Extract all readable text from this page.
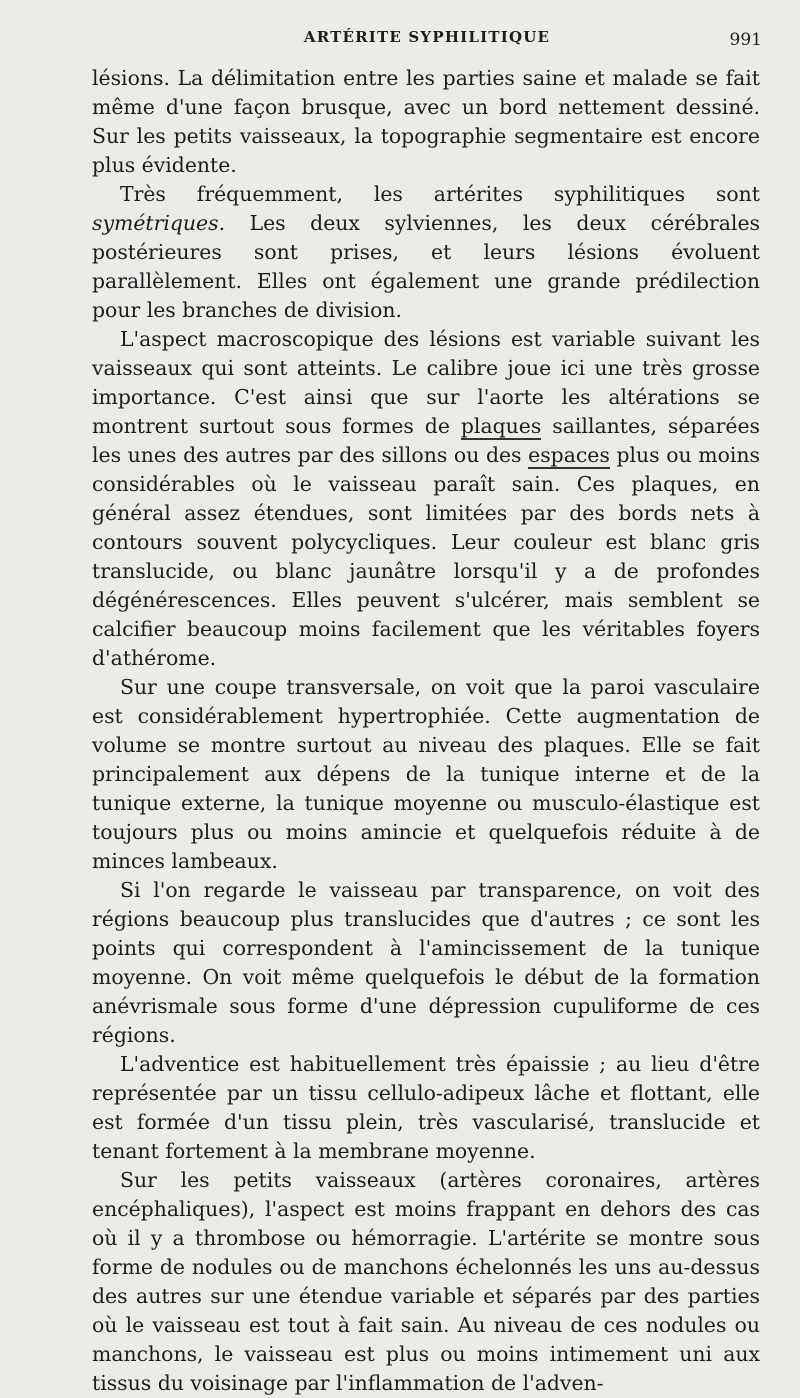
ARTÉRITE SYPHILITIQUE	991

lésions. La délimitation entre les parties saine et malade se fait même d'une façon brusque, avec un bord nettement dessiné. Sur les petits vaisseaux, la topographie segmentaire est encore plus évidente.

Très fréquemment, les artérites syphilitiques sont symétriques. Les deux sylviennes, les deux cérébrales postérieures sont prises, et leurs lésions évoluent parallèlement. Elles ont également une grande prédilection pour les branches de division.

L'aspect macroscopique des lésions est variable suivant les vaisseaux qui sont atteints. Le calibre joue ici une très grosse importance. C'est ainsi que sur l'aorte les altérations se montrent surtout sous formes de plaques saillantes, séparées les unes des autres par des sillons ou des espaces plus ou moins considérables où le vaisseau paraît sain. Ces plaques, en général assez étendues, sont limitées par des bords nets à contours souvent polycycliques. Leur couleur est blanc gris translucide, ou blanc jaunâtre lorsqu'il y a de profondes dégénérescences. Elles peuvent s'ulcérer, mais semblent se calcifier beaucoup moins facilement que les véritables foyers d'athérome.

Sur une coupe transversale, on voit que la paroi vasculaire est considérablement hypertrophiée. Cette augmentation de volume se montre surtout au niveau des plaques. Elle se fait principalement aux dépens de la tunique interne et de la tunique externe, la tunique moyenne ou musculo-élastique est toujours plus ou moins amincie et quelquefois réduite à de minces lambeaux.

Si l'on regarde le vaisseau par transparence, on voit des régions beaucoup plus translucides que d'autres ; ce sont les points qui correspondent à l'amincissement de la tunique moyenne. On voit même quelquefois le début de la formation anévrismale sous forme d'une dépression cupuliforme de ces régions.

L'adventice est habituellement très épaissie ; au lieu d'être représentée par un tissu cellulo-adipeux lâche et flottant, elle est formée d'un tissu plein, très vascularisé, translucide et tenant fortement à la membrane moyenne.

Sur les petits vaisseaux (artères coronaires, artères encéphaliques), l'aspect est moins frappant en dehors des cas où il y a thrombose ou hémorragie. L'artérite se montre sous forme de nodules ou de manchons échelonnés les uns au-dessus des autres sur une étendue variable et séparés par des parties où le vaisseau est tout à fait sain. Au niveau de ces nodules ou manchons, le vaisseau est plus ou moins intimement uni aux tissus du voisinage par l'inflammation de l'adven-
